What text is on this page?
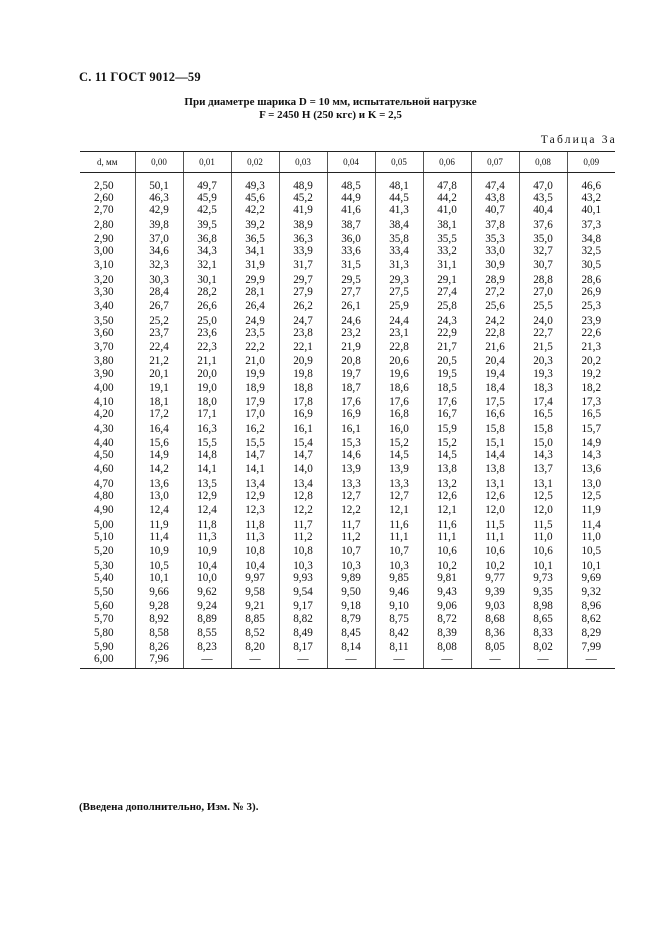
С. 11 ГОСТ 9012—59
При диаметре шарика D = 10 мм, испытательной нагрузке
F = 2450 Н (250 кгс) и K = 2,5
Таблица 3а
d, мм	0,00	0,01	0,02	0,03	0,04	0,05	0,06	0,07	0,08	0,09
2,50	50,1	49,7	49,3	48,9	48,5	48,1	47,8	47,4	47,0	46,6
2,60	46,3	45,9	45,6	45,2	44,9	44,5	44,2	43,8	43,5	43,2
2,70	42,9	42,5	42,2	41,9	41,6	41,3	41,0	40,7	40,4	40,1
2,80	39,8	39,5	39,2	38,9	38,7	38,4	38,1	37,8	37,6	37,3
2,90	37,0	36,8	36,5	36,3	36,0	35,8	35,5	35,3	35,0	34,8
3,00	34,6	34,3	34,1	33,9	33,6	33,4	33,2	33,0	32,7	32,5
3,10	32,3	32,1	31,9	31,7	31,5	31,3	31,1	30,9	30,7	30,5
3,20	30,3	30,1	29,9	29,7	29,5	29,3	29,1	28,9	28,8	28,6
3,30	28,4	28,2	28,1	27,9	27,7	27,5	27,4	27,2	27,0	26,9
3,40	26,7	26,6	26,4	26,2	26,1	25,9	25,8	25,6	25,5	25,3
3,50	25,2	25,0	24,9	24,7	24,6	24,4	24,3	24,2	24,0	23,9
3,60	23,7	23,6	23,5	23,8	23,2	23,1	22,9	22,8	22,7	22,6
3,70	22,4	22,3	22,2	22,1	21,9	22,8	21,7	21,6	21,5	21,3
3,80	21,2	21,1	21,0	20,9	20,8	20,6	20,5	20,4	20,3	20,2
3,90	20,1	20,0	19,9	19,8	19,7	19,6	19,5	19,4	19,3	19,2
4,00	19,1	19,0	18,9	18,8	18,7	18,6	18,5	18,4	18,3	18,2
4,10	18,1	18,0	17,9	17,8	17,6	17,6	17,6	17,5	17,4	17,3
4,20	17,2	17,1	17,0	16,9	16,9	16,8	16,7	16,6	16,5	16,5
4,30	16,4	16,3	16,2	16,1	16,1	16,0	15,9	15,8	15,8	15,7
4,40	15,6	15,5	15,5	15,4	15,3	15,2	15,2	15,1	15,0	14,9
4,50	14,9	14,8	14,7	14,7	14,6	14,5	14,5	14,4	14,3	14,3
4,60	14,2	14,1	14,1	14,0	13,9	13,9	13,8	13,8	13,7	13,6
4,70	13,6	13,5	13,4	13,4	13,3	13,3	13,2	13,1	13,1	13,0
4,80	13,0	12,9	12,9	12,8	12,7	12,7	12,6	12,6	12,5	12,5
4,90	12,4	12,4	12,3	12,2	12,2	12,1	12,1	12,0	12,0	11,9
5,00	11,9	11,8	11,8	11,7	11,7	11,6	11,6	11,5	11,5	11,4
5,10	11,4	11,3	11,3	11,2	11,2	11,1	11,1	11,1	11,0	11,0
5,20	10,9	10,9	10,8	10,8	10,7	10,7	10,6	10,6	10,6	10,5
5,30	10,5	10,4	10,4	10,3	10,3	10,3	10,2	10,2	10,1	10,1
5,40	10,1	10,0	9,97	9,93	9,89	9,85	9,81	9,77	9,73	9,69
5,50	9,66	9,62	9,58	9,54	9,50	9,46	9,43	9,39	9,35	9,32
5,60	9,28	9,24	9,21	9,17	9,18	9,10	9,06	9,03	8,98	8,96
5,70	8,92	8,89	8,85	8,82	8,79	8,75	8,72	8,68	8,65	8,62
5,80	8,58	8,55	8,52	8,49	8,45	8,42	8,39	8,36	8,33	8,29
5,90	8,26	8,23	8,20	8,17	8,14	8,11	8,08	8,05	8,02	7,99
6,00	7,96	—	—	—	—	—	—	—	—	—
(Введена дополнительно, Изм. № 3).
